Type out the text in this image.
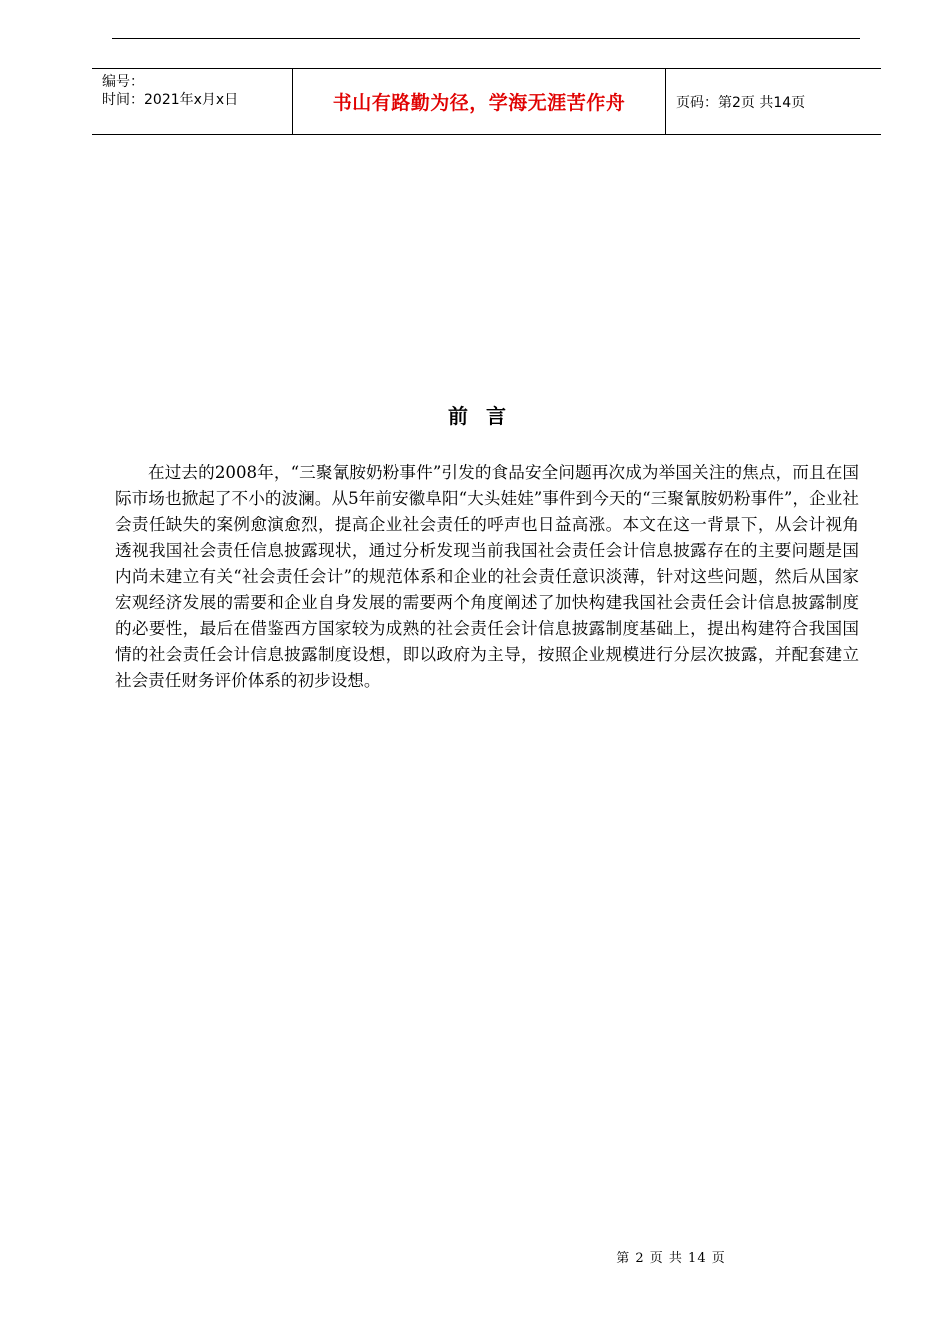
编号：
时间：2021年x月x日	书山有路勤为径，学海无涯苦作舟	页码：第2页 共14页
前言

在过去的2008年，“三聚氰胺奶粉事件”引发的食品安全问题再次成为举国关注的焦点，而且在国际市场也掀起了不小的波澜。从5年前安徽阜阳“大头娃娃”事件到今天的“三聚氰胺奶粉事件”，企业社会责任缺失的案例愈演愈烈，提高企业社会责任的呼声也日益高涨。本文在这一背景下，从会计视角透视我国社会责任信息披露现状，通过分析发现当前我国社会责任会计信息披露存在的主要问题是国内尚未建立有关“社会责任会计”的规范体系和企业的社会责任意识淡薄，针对这些问题，然后从国家宏观经济发展的需要和企业自身发展的需要两个角度阐述了加快构建我国社会责任会计信息披露制度的必要性，最后在借鉴西方国家较为成熟的社会责任会计信息披露制度基础上，提出构建符合我国国情的社会责任会计信息披露制度设想，即以政府为主导，按照企业规模进行分层次披露，并配套建立社会责任财务评价体系的初步设想。

第 2 页 共 14 页
